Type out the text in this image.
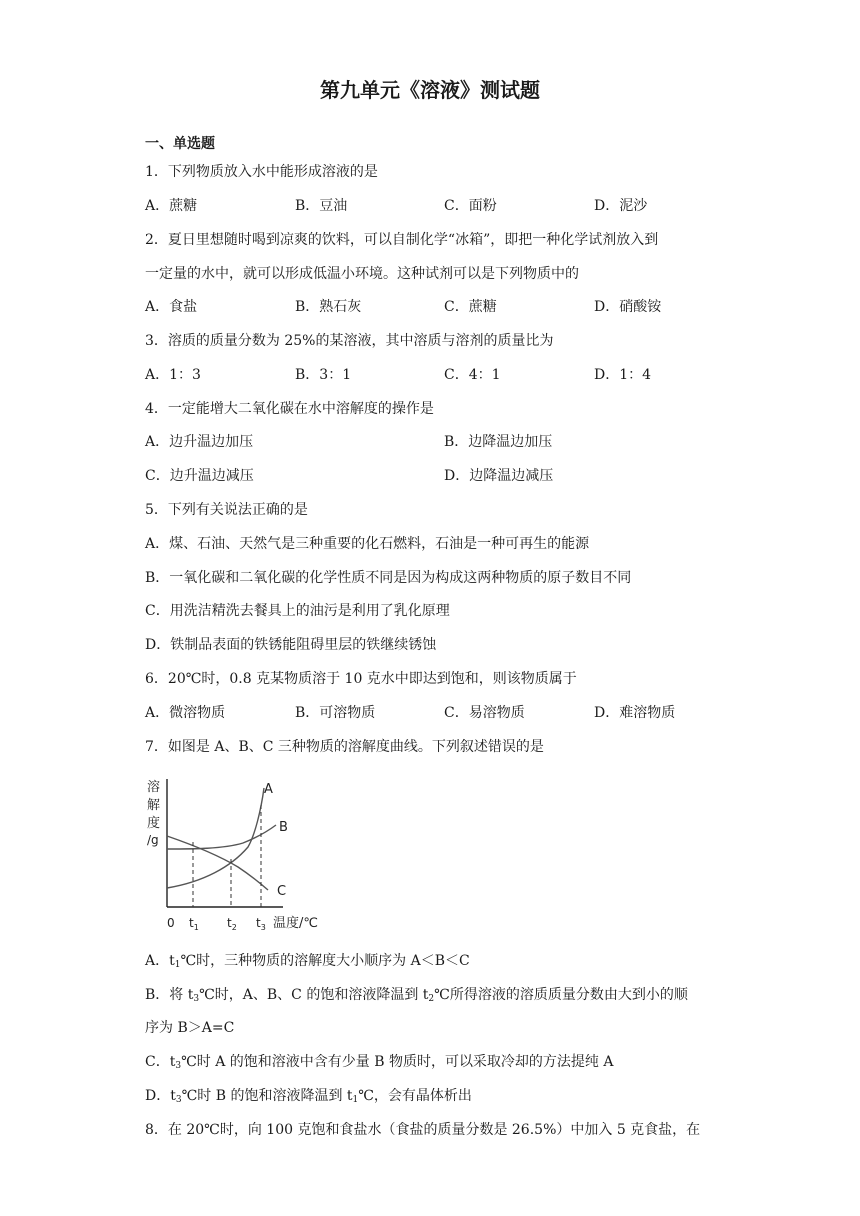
第九单元《溶液》测试题
一、单选题
1．下列物质放入水中能形成溶液的是
A．蔗糖	B．豆油	C．面粉	D．泥沙
2．夏日里想随时喝到凉爽的饮料，可以自制化学“冰箱”，即把一种化学试剂放入到
一定量的水中，就可以形成低温小环境。这种试剂可以是下列物质中的
A．食盐	B．熟石灰	C．蔗糖	D．硝酸铵
3．溶质的质量分数为 25%的某溶液，其中溶质与溶剂的质量比为
A．1：3	B．3：1	C．4：1	D．1：4
4．一定能增大二氧化碳在水中溶解度的操作是
A．边升温边加压	B．边降温边加压
C．边升温边减压	D．边降温边减压
5．下列有关说法正确的是
A．煤、石油、天然气是三种重要的化石燃料，石油是一种可再生的能源
B．一氧化碳和二氧化碳的化学性质不同是因为构成这两种物质的原子数目不同
C．用洗洁精洗去餐具上的油污是利用了乳化原理
D．铁制品表面的铁锈能阻碍里层的铁继续锈蚀
6．20℃时，0.8 克某物质溶于 10 克水中即达到饱和，则该物质属于
A．微溶物质	B．可溶物质	C．易溶物质	D．难溶物质
7．如图是 A、B、C 三种物质的溶解度曲线。下列叙述错误的是
溶
解
度
/g
A
B
C
0 $t_1$ $t_2$ $t_3$ 温度/℃
A．$t_1℃$时，三种物质的溶解度大小顺序为 A＜B＜C
B．将 $t_3℃$时，A、B、C 的饱和溶液降温到 $t_2℃$所得溶液的溶质质量分数由大到小的顺
序为 B＞A=C
C．$t_3℃$时 A 的饱和溶液中含有少量 B 物质时，可以采取冷却的方法提纯 A
D．$t_3℃$时 B 的饱和溶液降温到 $t_1℃$，会有晶体析出
8．在 20℃时，向 100 克饱和食盐水（食盐的质量分数是 26.5%）中加入 5 克食盐，在
